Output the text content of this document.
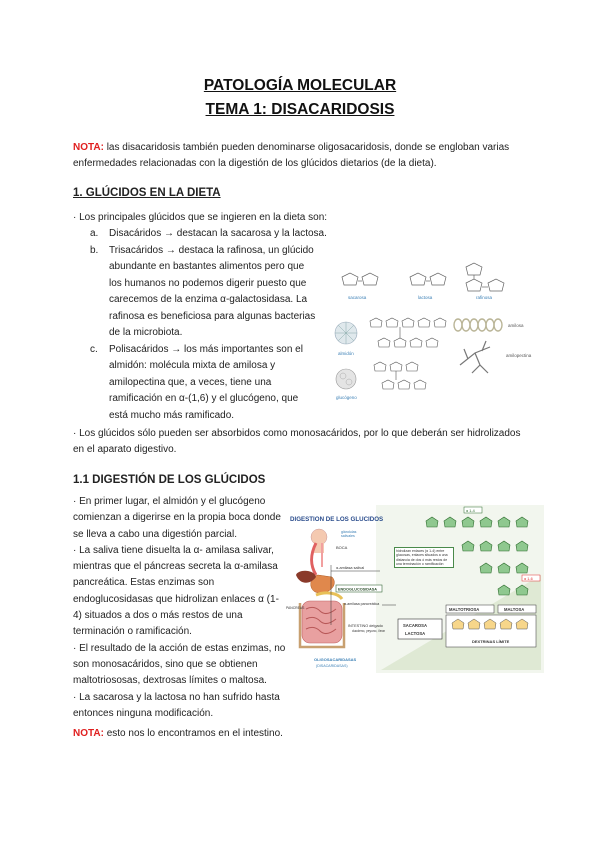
PATOLOGÍA MOLECULAR
TEMA 1: DISACARIDOSIS
NOTA: las disacaridosis también pueden denominarse oligosacaridosis, donde se engloban varias
enfermedades relacionadas con la digestión de los glúcidos dietarios (de la dieta).
1. GLÚCIDOS EN LA DIETA
· Los principales glúcidos que se ingieren en la dieta son:
a. Disacáridos → destacan la sacarosa y la lactosa.
b. Trisacáridos → destaca la rafinosa, un glúcido
abundante en bastantes alimentos pero que
los humanos no podemos digerir puesto que
carecemos de la enzima α-galactosidasa. La
rafinosa es beneficiosa para algunas bacterias
de la microbiota.
c. Polisacáridos → los más importantes son el
almidón: molécula mixta de amilosa y
amilopectina que, a veces, tiene una
ramificación en α-(1,6) y el glucógeno, que
está mucho más ramificado.
sacarosa	lactosa	rafinosa
almidón
amilosa
amilopectina
glucógeno
· Los glúcidos sólo pueden ser absorbidos como monosacáridos, por lo que deberán ser hidrolizados
en el aparato digestivo.
1.1 DIGESTIÓN DE LOS GLÚCIDOS
· En primer lugar, el almidón y el glucógeno
comienzan a digerirse en la propia boca donde
se lleva a cabo una digestión parcial.
· La saliva tiene disuelta la α- amilasa salivar,
mientras que el páncreas secreta la α-amilasa
pancreática. Estas enzimas son
endoglucosidasas que hidrolizan enlaces α (1-
4) situados a dos o más restos de una
terminación o ramificación.
· El resultado de la acción de estas enzimas, no
son monosacáridos, sino que se obtienen
maltotriososas, dextrosas límites o maltosa.
· La sacarosa y la lactosa no han sufrido hasta
entonces ninguna modificación.
DIGESTION DE LOS GLUCIDOS
glándulas
salivales
BOCA
α-amilasa salival
ENDOGLUCOSIDASA
α-amilasa pancreática
PANCREAS
INTESTINO delgado
duodeno, yeyuno, íleon
OLIGOSACARIDASAS
(DISACARIDASAS)
hidrolizan enlaces (α 1-4) entre glucosas, enlaces situados a una distancia de dos ó más restos de una terminación o ramificación
α 1-4
α 1-6
SACAROSA
LACTOSA
MALTOTRIOSA	MALTOSA
DEXTRINAS LÍMITE
NOTA: esto nos lo encontramos en el intestino.
